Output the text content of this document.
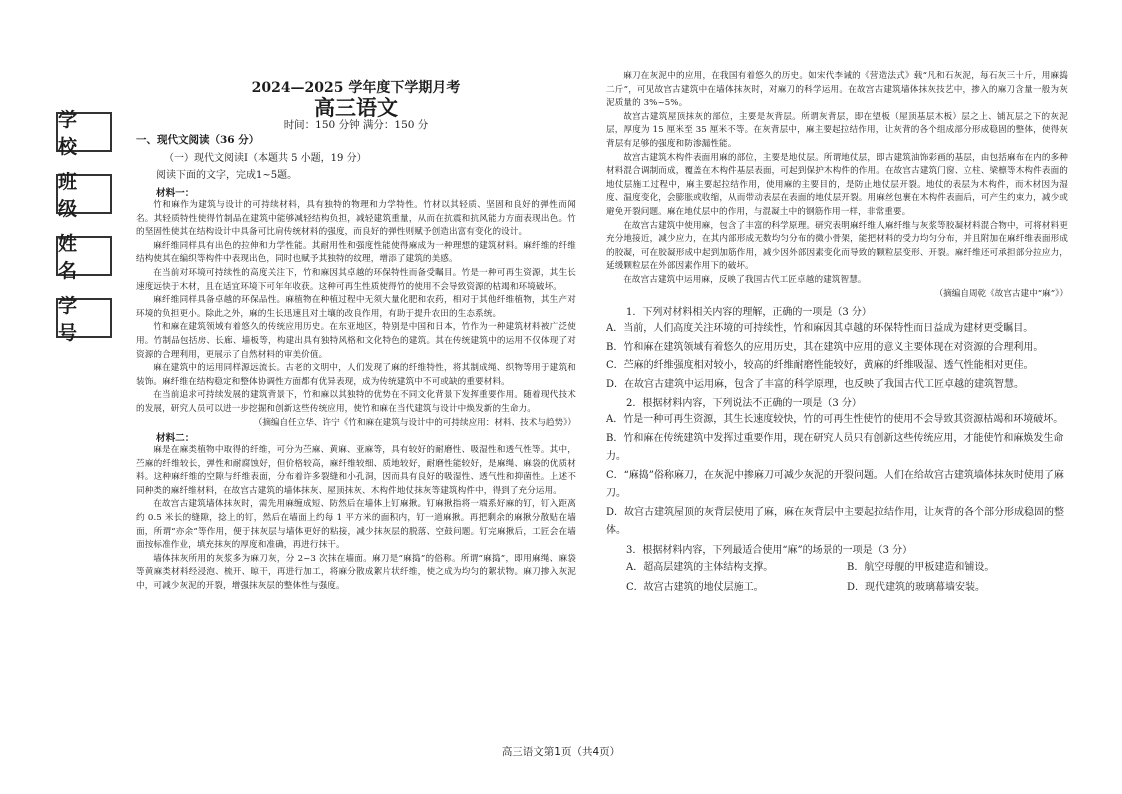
学 校
班 级
姓 名
学 号
2024—2025 学年度下学期月考
高三语文
时间：150 分钟 满分：150 分
一、现代文阅读（36 分）

（一）现代文阅读Ⅰ（本题共 5 小题，19 分）

阅读下面的文字，完成1~5题。

材料一：

竹和麻作为建筑与设计的可持续材料，具有独特的物理和力学特性。竹材以其轻质、坚固和良好的弹性而闻名。其轻质特性使得竹制品在建筑中能够减轻结构负担，减轻建筑重量，从而在抗震和抗风能力方面表现出色。竹的坚固性使其在结构设计中具备可比肩传统材料的强度，而良好的弹性则赋予创造出富有变化的设计。

麻纤维同样具有出色的拉伸和力学性能。其耐用性和强度性能使得麻成为一种理想的建筑材料。麻纤维的纤维结构使其在编织等构件中表现出色，同时也赋予其独特的纹理，增添了建筑的美感。

在当前对环境可持续性的高度关注下，竹和麻因其卓越的环保特性而备受瞩目。竹是一种可再生资源，其生长速度远快于木材，且在适宜环境下可年年收获。这种可再生性质使得竹的使用不会导致资源的枯竭和环境破坏。

麻纤维同样具备卓越的环保品性。麻植物在种植过程中无须大量化肥和农药，相对于其他纤维植物，其生产对环境的负担更小。除此之外，麻的生长迅速且对土壤的改良作用，有助于提升农田的生态系统。

竹和麻在建筑领域有着悠久的传统应用历史。在东亚地区，特别是中国和日本，竹作为一种建筑材料被广泛使用。竹制品包括房、长廊、墙板等，构建出具有独特风格和文化特色的建筑。其在传统建筑中的运用不仅体现了对资源的合理利用，更展示了自然材料的审美价值。

麻在建筑中的运用同样源远流长。古老的文明中，人们发现了麻的纤维特性，将其制成绳、织物等用于建筑和装饰。麻纤维在结构稳定和整体协调性方面都有优异表现，成为传统建筑中不可或缺的重要材料。

在当前追求可持续发展的建筑背景下，竹和麻以其独特的优势在不同文化背景下发挥重要作用。随着现代技术的发展，研究人员可以进一步挖掘和创新这些传统应用，使竹和麻在当代建筑与设计中焕发新的生命力。

（摘编自任立华、许宁《竹和麻在建筑与设计中的可持续应用：材料、技术与趋势》）

材料二：

麻是在麻类植物中取得的纤维，可分为苎麻、黄麻、亚麻等，具有较好的耐磨性、吸湿性和透气性等。其中，苎麻的纤维较长，弹性和耐腐蚀好，但价格较高，麻纤维较细、质地较好，耐磨性能较好，是麻绳、麻袋的优质材料。这种麻纤维的空隙与纤维表面，分布着许多裂缝和小孔洞，因而具有良好的吸湿性、透气性和抑菌性。上述不同种类的麻纤维材料，在故宫古建筑的墙体抹灰、屋顶抹灰、木构件地仗抹灰等建筑构件中，得到了充分运用。

在故宫古建筑墙体抹灰时，需先用麻缠成短、防然后在墙体上钉麻揪。钉麻揪指将一端系好麻的钉，钉入距离约 0.5 米长的缝隙，捻上的钉，然后在墙面上约每 1 平方米的面积内，钉一道麻揪。再把剩余的麻揪分散贴在墙面，所谓“亦余”等作用，便于抹灰层与墙体更好的粘接，减少抹灰层的脱落、空鼓问题。钉完麻揪后，工匠会在墙面按标准作业，填充抹灰的厚度和准确，再进行抹干。

墙体抹灰所用的灰浆多为麻刀灰，分 2~3 次抹在墙面。麻刀是“麻捣”的俗称。所谓“麻捣”，即用麻绳、麻袋等黄麻类材料经浸泡、梳开、晾干，再进行加工，将麻分散成絮片状纤维，使之成为均匀的絮状物。麻刀掺入灰泥中，可减少灰泥的开裂，增强抹灰层的整体性与强度。

麻刀在灰泥中的应用，在我国有着悠久的历史。如宋代李诫的《营造法式》载“凡和石灰泥，每石灰三十斤，用麻捣二斤”，可见故宫古建筑中在墙体抹灰时，对麻刀的科学运用。在故宫古建筑墙体抹灰技艺中，掺入的麻刀含量一般为灰泥质量的 3%~5%。

故宫古建筑屋顶抹灰的部位，主要是灰背层。所谓灰背层，即在望板（屋顶基层木板）层之上、铺瓦层之下的灰泥层，厚度为 15 厘米至 35 厘米不等。在灰背层中，麻主要起拉结作用，让灰背的各个组成部分形成稳固的整体，使得灰背层有足够的强度和防渗漏性能。

故宫古建筑木构件表面用麻的部位，主要是地仗层。所谓地仗层，即古建筑油饰彩画的基层，由包括麻布在内的多种材料混合调制而成，覆盖在木构件基层表面，可起到保护木构件的作用。在故宫古建筑门窗、立柱、梁檩等木构件表面的地仗层施工过程中，麻主要起拉结作用，使用麻的主要目的，是防止地仗层开裂。地仗的表层为木构件，而木材因为湿度、温度变化，会膨胀或收缩，从而带动表层在表面的地仗层开裂。用麻丝包裹在木构件表面后，可产生约束力，减少或避免开裂问题。麻在地仗层中的作用，与混凝土中的钢筋作用一样，非常重要。

在故宫古建筑中使用麻，包含了丰富的科学原理。研究表明麻纤维人麻纤维与灰浆等胶凝材料混合物中，可将材料更充分地接近，减少应力，在其内部形成无数均匀分布的微小骨架，能把材料的受力均匀分布，并且附加在麻纤维表面形成的胶凝，可在胶凝形成中起到加筋作用，减少因外部因素变化而导致的颗粒层变形、开裂。麻纤维还可承担部分拉应力，延缓颗粒层在外部因素作用下的破坏。

在故宫古建筑中运用麻，反映了我国古代工匠卓越的建筑智慧。

（摘编自周乾《故宫古建中“麻”》）

1．下列对材料相关内容的理解，正确的一项是（3 分）

A．当前，人们高度关注环境的可持续性，竹和麻因其卓越的环保特性而日益成为建材更受瞩目。

B．竹和麻在建筑领域有着悠久的应用历史，其在建筑中应用的意义主要体现在对资源的合理利用。

C．苎麻的纤维强度相对较小，较高的纤维耐磨性能较好，黄麻的纤维吸湿、透气性能相对更佳。

D．在故宫古建筑中运用麻，包含了丰富的科学原理，也反映了我国古代工匠卓越的建筑智慧。

2．根据材料内容，下列说法不正确的一项是（3 分）

A．竹是一种可再生资源，其生长速度较快，竹的可再生性使竹的使用不会导致其资源枯竭和环境破坏。

B．竹和麻在传统建筑中发挥过重要作用，现在研究人员只有创新这些传统应用，才能使竹和麻焕发生命力。

C．“麻捣”俗称麻刀，在灰泥中掺麻刀可减少灰泥的开裂问题。人们在给故宫古建筑墙体抹灰时使用了麻刀。

D．故宫古建筑屋顶的灰背层使用了麻，麻在灰背层中主要起拉结作用，让灰背的各个部分形成稳固的整体。

3．根据材料内容，下列最适合使用“麻”的场景的一项是（3 分）

A．超高层建筑的主体结构支撑。	B．航空母舰的甲板建造和铺设。
C．故宫古建筑的地仗层施工。	D．现代建筑的玻璃幕墙安装。
高三语文第1页（共4页）
